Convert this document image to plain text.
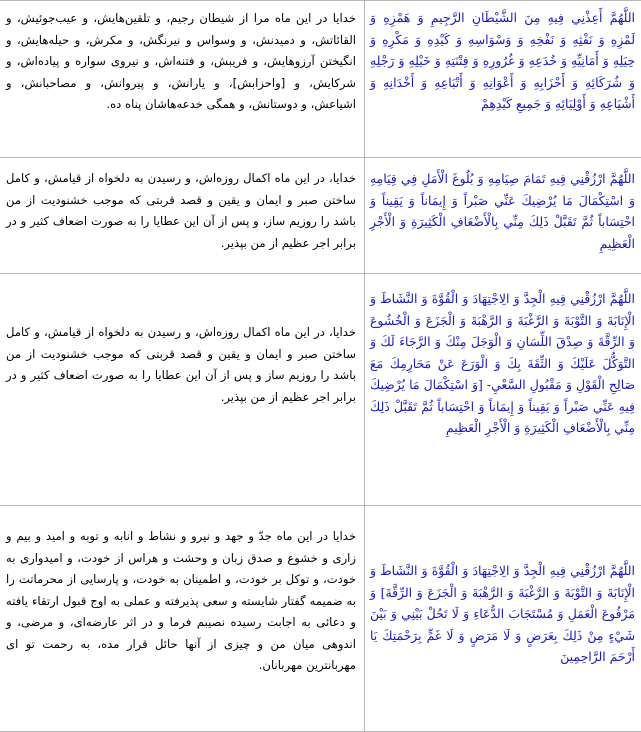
اللَّهُمَّ أَعِذْنِي فِيهِ مِنَ الشَّيْطَانِ الرَّجِيمِ وَ هَمْزِهِ وَ لَمْزِهِ وَ نَفْثِهِ وَ نَفْخِهِ وَ وَسْوَاسِهِ وَ كَيْدِهِ وَ مَكْرِهِ وَ حِيَلِهِ وَ أَمَانِيِّهِ وَ خُدَعِهِ وَ غُرُورِهِ وَ فِتْنَتِهِ وَ خَيْلِهِ وَ رَجْلِهِ وَ شُرَكَائِهِ وَ أَحْزَابِهِ وَ أَعْوَانِهِ وَ أَتْبَاعِهِ وَ أَخْدَانِهِ وَ أَشْيَاعِهِ وَ أَوْلِيَائِهِ وَ جَمِيعِ كَيْدِهِمْ
خدایا در این ماه مرا از شیطان رجیم، و تلقین‌هایش، و عیب‌جوئیش، و القائاتش، و دمیدنش، و وسواس و نیرنگش، و مکرش، و حیله‌هایش، و انگیختن آرزوهایش، و فریبش، و فتنه‌اش، و نیروی سواره و پیاده‌اش، و شرکایش، و [واحزابش]، و یارانش، و پیروانش، و مصاحبانش، و اشیاعش، و دوستانش، و همگی خدعه‌هاشان پناه ده.
اللَّهُمَّ ارْزُقْنِي فِيهِ تَمَامَ صِيَامِهِ وَ بُلُوغَ الْأَمَلِ فِي قِيَامِهِ وَ اسْتِكْمَالَ مَا يُرْضِيكَ عَنِّي صَبْراً وَ إِيمَاناً وَ يَقِيناً وَ احْتِسَاباً ثُمَّ تَقَبَّلْ ذَلِكَ مِنِّي بِالْأَضْعَافِ الْكَثِيرَةِ وَ الْأَجْرِ الْعَظِيمِ
خدایا، در این ماه اکمال روزه‌اش، و رسیدن به دلخواه از قیامش، و کامل ساختن صبر و ایمان و یقین و قصد قربتی که موجب خشنودیت از من باشد را روزیم ساز، و پس از آن این عطایا را به صورت اضعاف کثیر و در برابر اجر عظیم از من بپذیر.
اللَّهُمَّ ارْزُقْنِي فِيهِ الْجِدَّ وَ الِاجْتِهَادَ وَ الْقُوَّةَ وَ النَّشَاطَ وَ الْإِنَابَةَ وَ التَّوْبَةَ وَ الرَّغْبَةَ وَ الرَّهْبَةَ وَ الْجَزَعَ وَ الْخُشُوعَ وَ الرِّقَّةَ وَ صِدْقَ اللِّسَانِ وَ الْوَجَلَ مِنْكَ وَ الرَّجَاءَ لَكَ وَ التَّوَكُّلَ عَلَيْكَ وَ الثِّقَةَ بِكَ وَ الْوَرَعَ عَنْ مَحَارِمِكَ مَعَ صَالِحِ الْقَوْلِ وَ مَقْبُولِ السَّعْيِ- [وَ اسْتِكْمَالَ مَا يُرْضِيكَ فِيهِ عَنِّي صَبْراً وَ يَقِيناً وَ إِيمَاناً وَ احْتِسَاباً ثُمَّ تَقَبَّلْ ذَلِكَ مِنِّي بِالْأَضْعَافِ الْكَثِيرَةِ وَ الْأَجْرِ الْعَظِيمِ
خدایا، در این ماه اکمال روزه‌اش، و رسیدن به دلخواه از قیامش، و کامل ساختن صبر و ایمان و یقین و قصد قربتی که موجب خشنودیت از من باشد را روزیم ساز و پس از آن این عطایا را به صورت اضعاف کثیر و در برابر اجر عظیم از من بپذیر.
اللَّهُمَّ ارْزُقْنِي فِيهِ الْجِدَّ وَ الِاجْتِهَادَ وَ الْقُوَّةَ وَ النَّشَاطَ وَ الْإِنَابَةَ وَ التَّوْبَةَ وَ الرَّغْبَةَ وَ الرَّهْبَةَ وَ الْجَزَعَ وَ الرِّقَّةَ] وَ مَرْفُوعَ الْعَمَلِ وَ مُسْتَجَابَ الدُّعَاءِ وَ لَا تَحُلْ بَيْنِي وَ بَيْنَ شَيْ‏ءٍ مِنْ ذَلِكَ بِعَرَضٍ وَ لَا مَرَضٍ وَ لَا غَمٍّ بِرَحْمَتِكَ يَا أَرْحَمَ الرَّاحِمِينَ
خدایا در این ماه جدّ و جهد و نیرو و نشاط و انابه و توبه و امید و بیم و زاری و خشوع و صدق زبان و وحشت و هراس از خودت، و امیدواری به خودت، و توکل بر خودت، و اطمینان به خودت، و پارسایی از محرماتت را به ضمیمه گفتار شایسته و سعی پذیرفته و عملی به اوج قبول ارتقاء یافته و دعائی به اجابت رسیده نصیبم فرما و در اثر عارضه‌ای، و مرضی، و اندوهی میان من و چیزی از آنها حائل قرار مده، به رحمت تو ای مهربانترین مهربانان.
